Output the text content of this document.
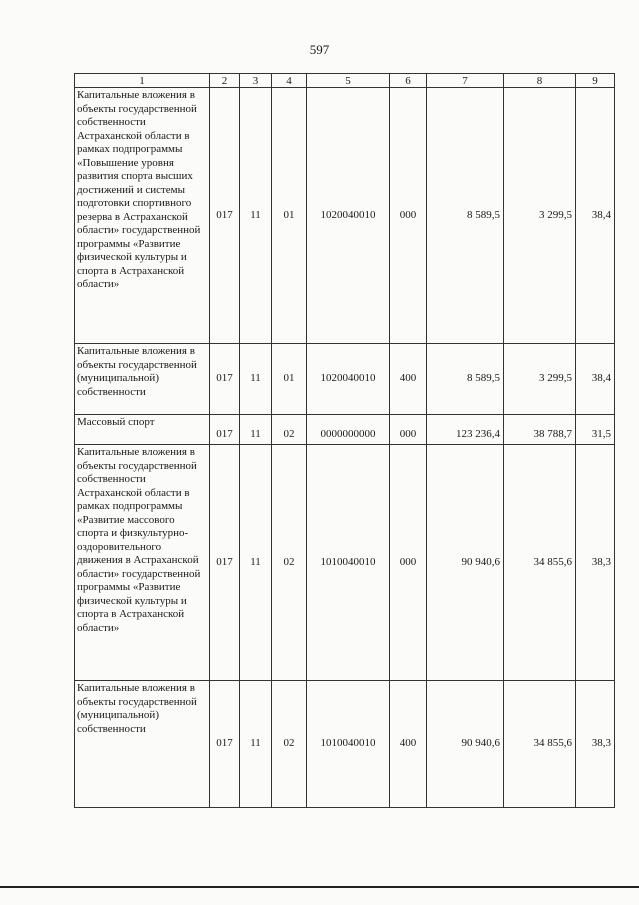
597
1	2	3	4	5	6	7	8	9
Капитальные вложения в объекты государственной собственности Астраханской области в рамках подпрограммы «Повышение уровня развития спорта высших достижений и системы подготовки спортивного резерва в Астраханской области» государственной программы «Развитие физической культуры и спорта в Астраханской области»	017	11	01	1020040010	000	8 589,5	3 299,5	38,4
Капитальные вложения в объекты государственной (муниципальной) собственности	017	11	01	1020040010	400	8 589,5	3 299,5	38,4
Массовый спорт	017	11	02	0000000000	000	123 236,4	38 788,7	31,5
Капитальные вложения в объекты государственной собственности Астраханской области в рамках подпрограммы «Развитие массового спорта и физкультурно-оздоровительного движения в Астраханской области» государственной программы «Развитие физической культуры и спорта в Астраханской области»	017	11	02	1010040010	000	90 940,6	34 855,6	38,3
Капитальные вложения в объекты государственной (муниципальной) собственности	017	11	02	1010040010	400	90 940,6	34 855,6	38,3
